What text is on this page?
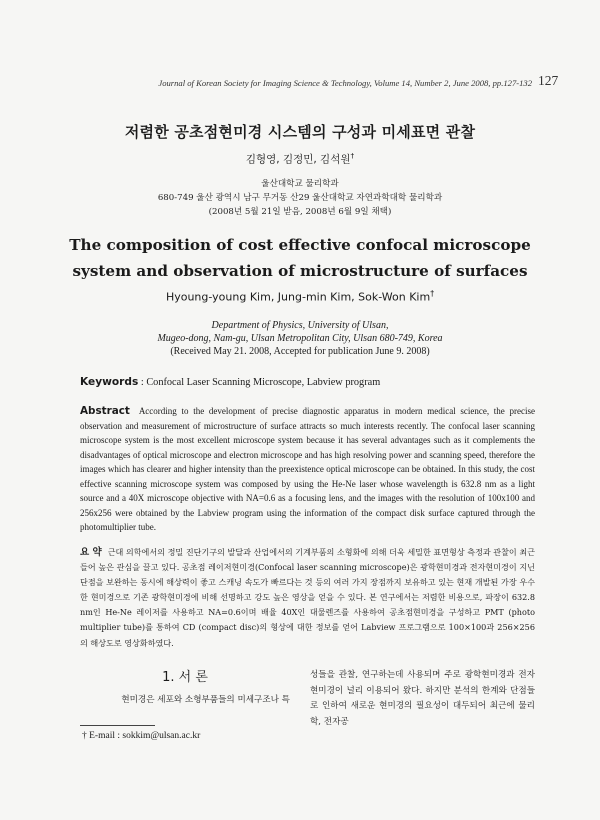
Journal of Korean Society for Imaging Science & Technology, Volume 14, Number 2, June 2008, pp.127-132 127
저렴한 공초점현미경 시스템의 구성과 미세표면 관찰
김형영, 김정민, 김석원†
울산대학교 물리학과
680-749 울산 광역시 남구 무거동 산29 울산대학교 자연과학대학 물리학과
(2008년 5월 21일 받음, 2008년 6월 9일 채택)
The composition of cost effective confocal microscope
system and observation of microstructure of surfaces
Hyoung-young Kim, Jung-min Kim, Sok-Won Kim†
Department of Physics, University of Ulsan,
Mugeo-dong, Nam-gu, Ulsan Metropolitan City, Ulsan 680-749, Korea
(Received May 21. 2008, Accepted for publication June 9. 2008)
Keywords : Confocal Laser Scanning Microscope, Labview program
Abstract According to the development of precise diagnostic apparatus in modern medical science, the precise observation and measurement of microstructure of surface attracts so much interests recently. The confocal laser scanning microscope system is the most excellent microscope system because it has several advantages such as it complements the disadvantages of optical microscope and electron microscope and has high resolving power and scanning speed, therefore the images which has clearer and higher intensity than the preexistence optical microscope can be obtained. In this study, the cost effective scanning microscope system was composed by using the He-Ne laser whose wavelength is 632.8 nm as a light source and a 40X microscope objective with NA=0.6 as a focusing lens, and the images with the resolution of 100x100 and 256x256 were obtained by the Labview program using the information of the compact disk surface captured through the photomultiplier tube.
요 약 근대 의학에서의 정밀 진단기구의 발달과 산업에서의 기계부품의 소형화에 의해 더욱 세밀한 표면형상 측정과 관찰이 최근 들어 높은 관심을 끌고 있다. 공초점 레이저현미경(Confocal laser scanning microscope)은 광학현미경과 전자현미경이 지닌 단점을 보완하는 동시에 해상력이 좋고 스캐닝 속도가 빠르다는 것 등의 여러 가지 장점까지 보유하고 있는 현재 개발된 가장 우수한 현미경으로 기존 광학현미경에 비해 선명하고 강도 높은 영상을 얻을 수 있다. 본 연구에서는 저렴한 비용으로, 파장이 632.8 nm인 He-Ne 레이저를 사용하고 NA=0.6이며 배율 40X인 대물렌즈를 사용하여 공초점현미경을 구성하고 PMT (photo multiplier tube)를 통하여 CD (compact disc)의 형상에 대한 정보를 얻어 Labview 프로그램으로 100×100과 256×256의 해상도로 영상화하였다.
1. 서 론
현미경은 세포와 소형부품들의 미세구조나 특
성들을 관찰, 연구하는데 사용되며 주로 광학현미경과 전자현미경이 널리 이용되어 왔다. 하지만 분석의 한계와 단점들로 인하여 새로운 현미경의 필요성이 대두되어 최근에 물리학, 전자공
† E-mail : sokkim@ulsan.ac.kr
